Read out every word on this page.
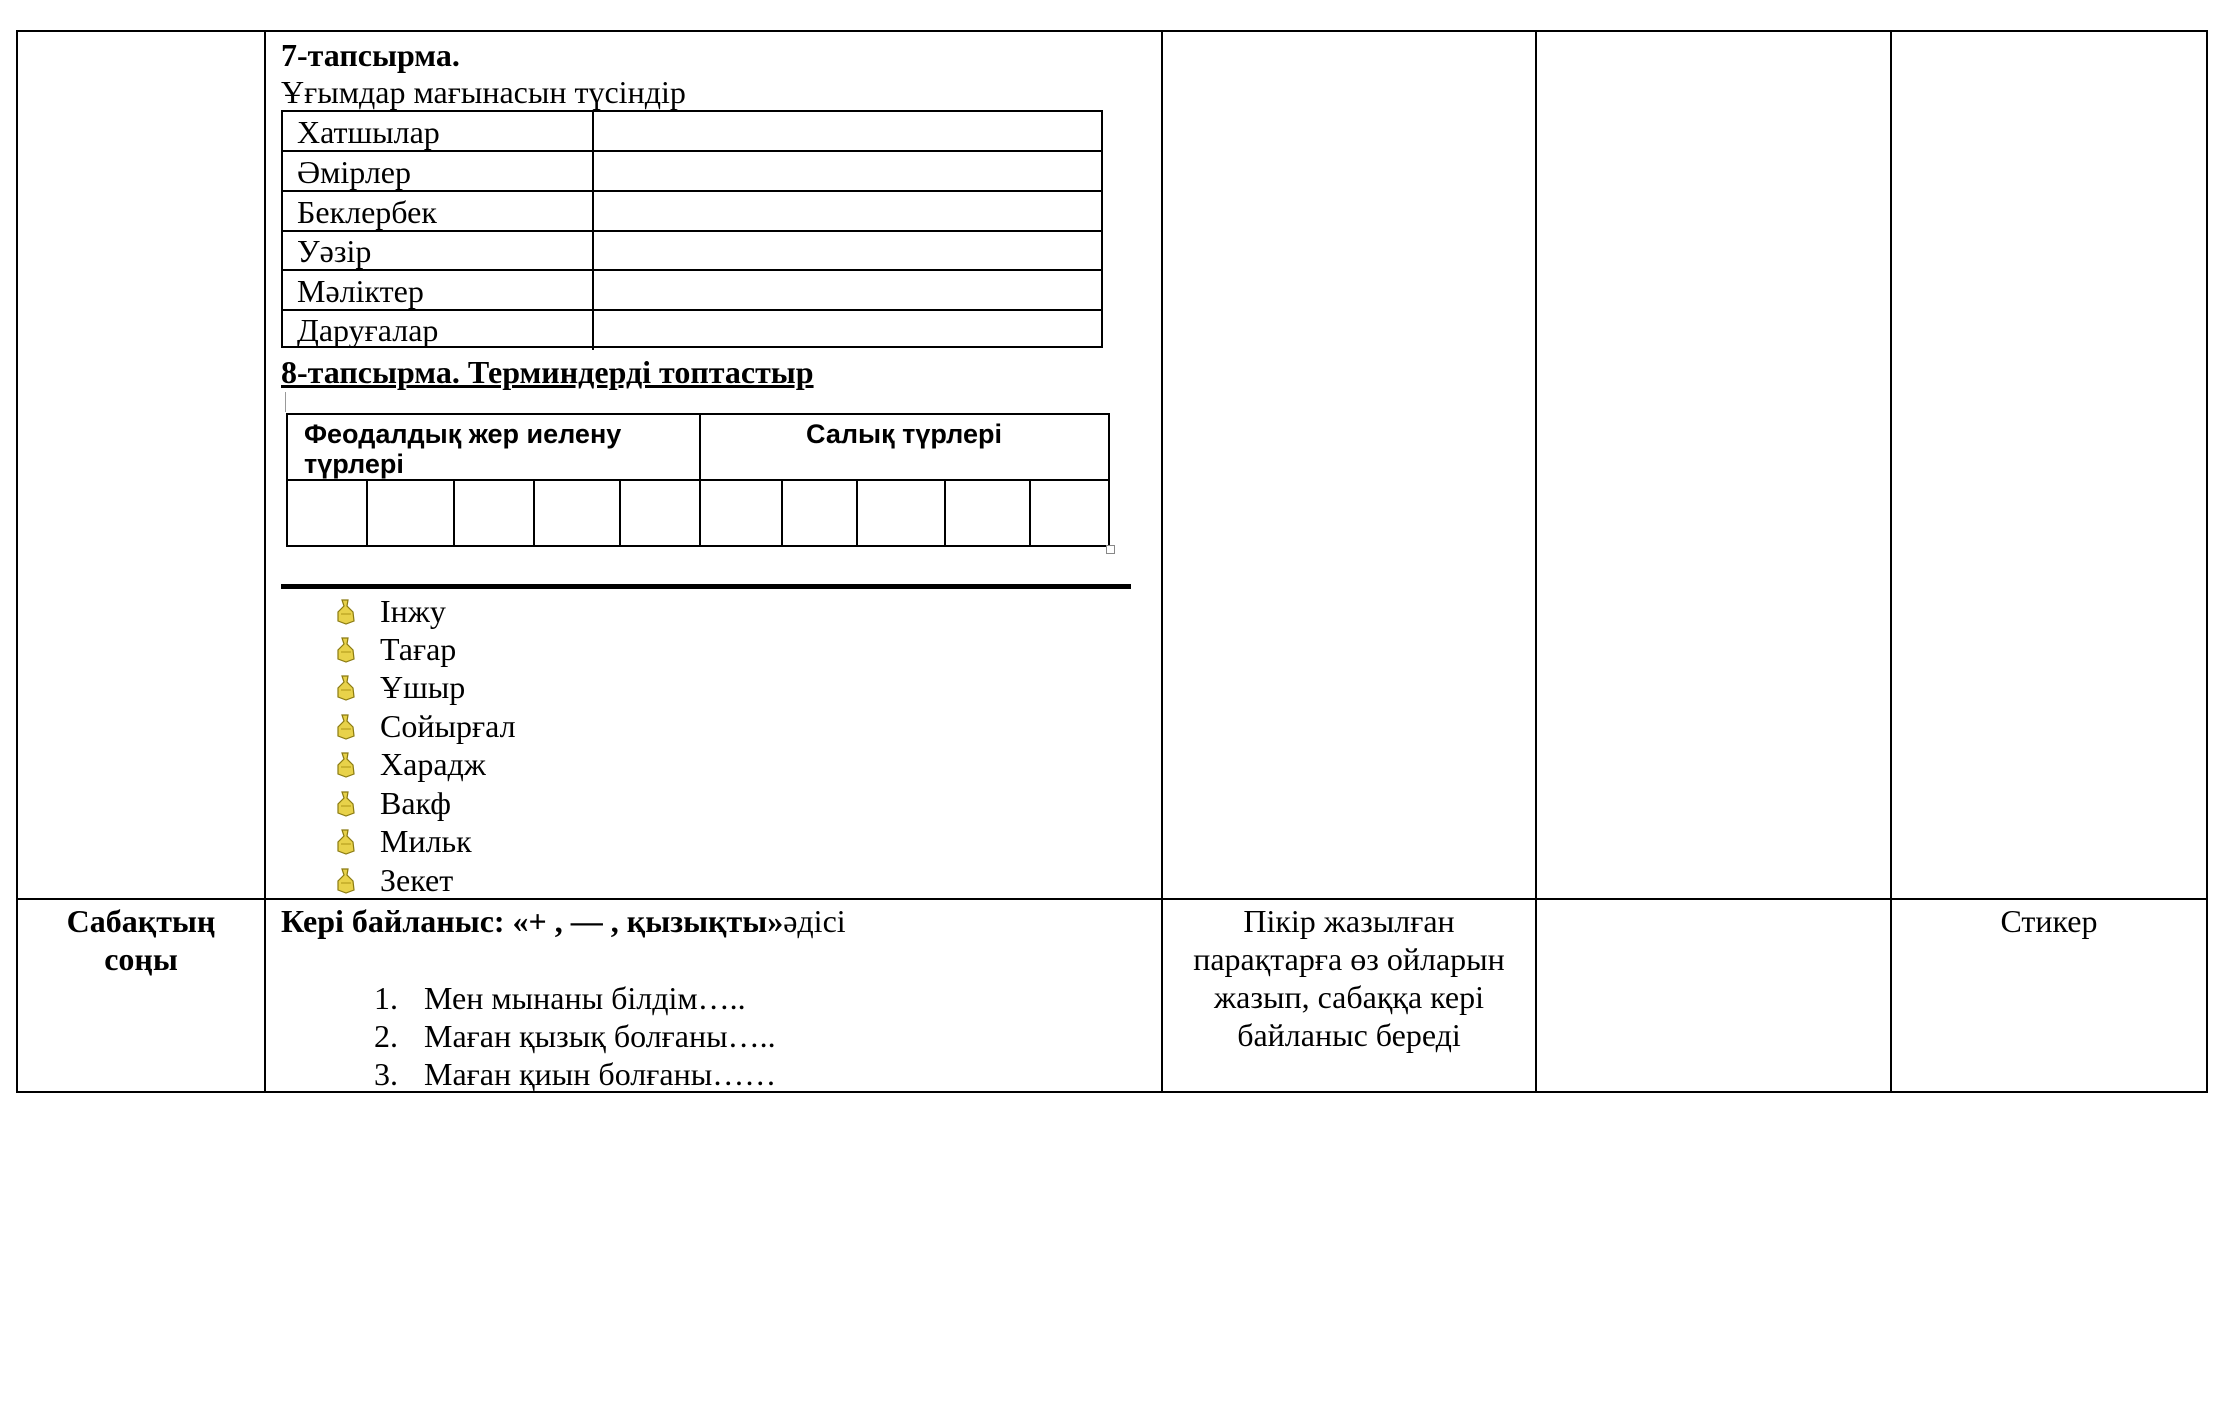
7-тапсырма.
Ұғымдар мағынасын түсіндір
Хатшылар
Әмірлер
Беклербек
Уәзір
Мәліктер
Даруғалар
8-тапсырма. Терминдерді топтастыр
Феодалдық жер иелену түрлері
Салық түрлері
Інжу
Тағар
Ұшыр
Сойырғал
Харадж
Вакф
Мильк
Зекет
Сабақтың
соңы
Кері байланыс: «+ , — , қызықты»әдісі
1. Мен мынаны білдім…..
2. Маған қызық болғаны…..
3. Маған қиын болғаны……
Пікір жазылған
парақтарға өз ойларын
жазып, сабаққа кері
байланыс береді
Стикер
